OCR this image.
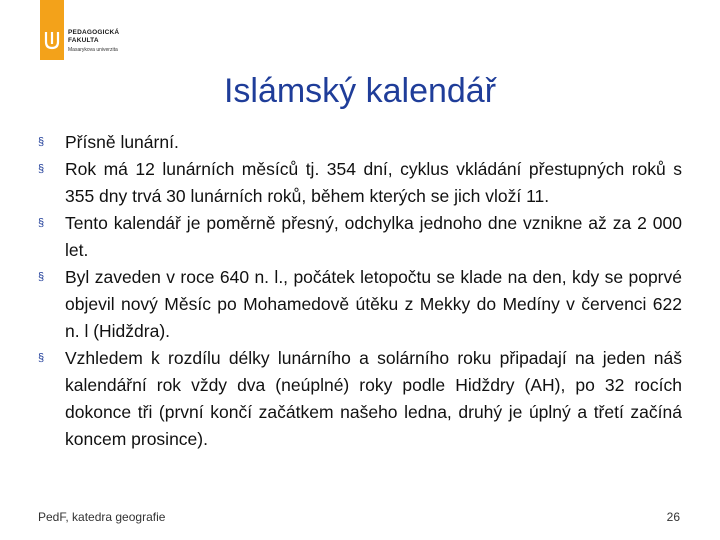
PEDAGOGICKÁ
FAKULTA
Masarykova univerzita
Islámský kalendář
§ Přísně lunární.
§ Rok má 12 lunárních měsíců tj. 354 dní, cyklus vkládání přestupných roků s 355 dny trvá 30 lunárních roků, během kterých se jich vloží 11.
§ Tento kalendář je poměrně přesný, odchylka jednoho dne vznikne až za 2 000 let.
§ Byl zaveden v roce 640 n. l., počátek letopočtu se klade na den, kdy se poprvé objevil nový Měsíc po Mohamedově útěku z Mekky do Medíny v červenci 622 n. l (Hidždra).
§ Vzhledem k rozdílu délky lunárního a solárního roku připadají na jeden náš kalendářní rok vždy dva (neúplné) roky podle Hidždry (AH), po 32 rocích dokonce tři (první končí začátkem našeho ledna, druhý je úplný a třetí začíná koncem prosince).
PedF, katedra geografie	26
